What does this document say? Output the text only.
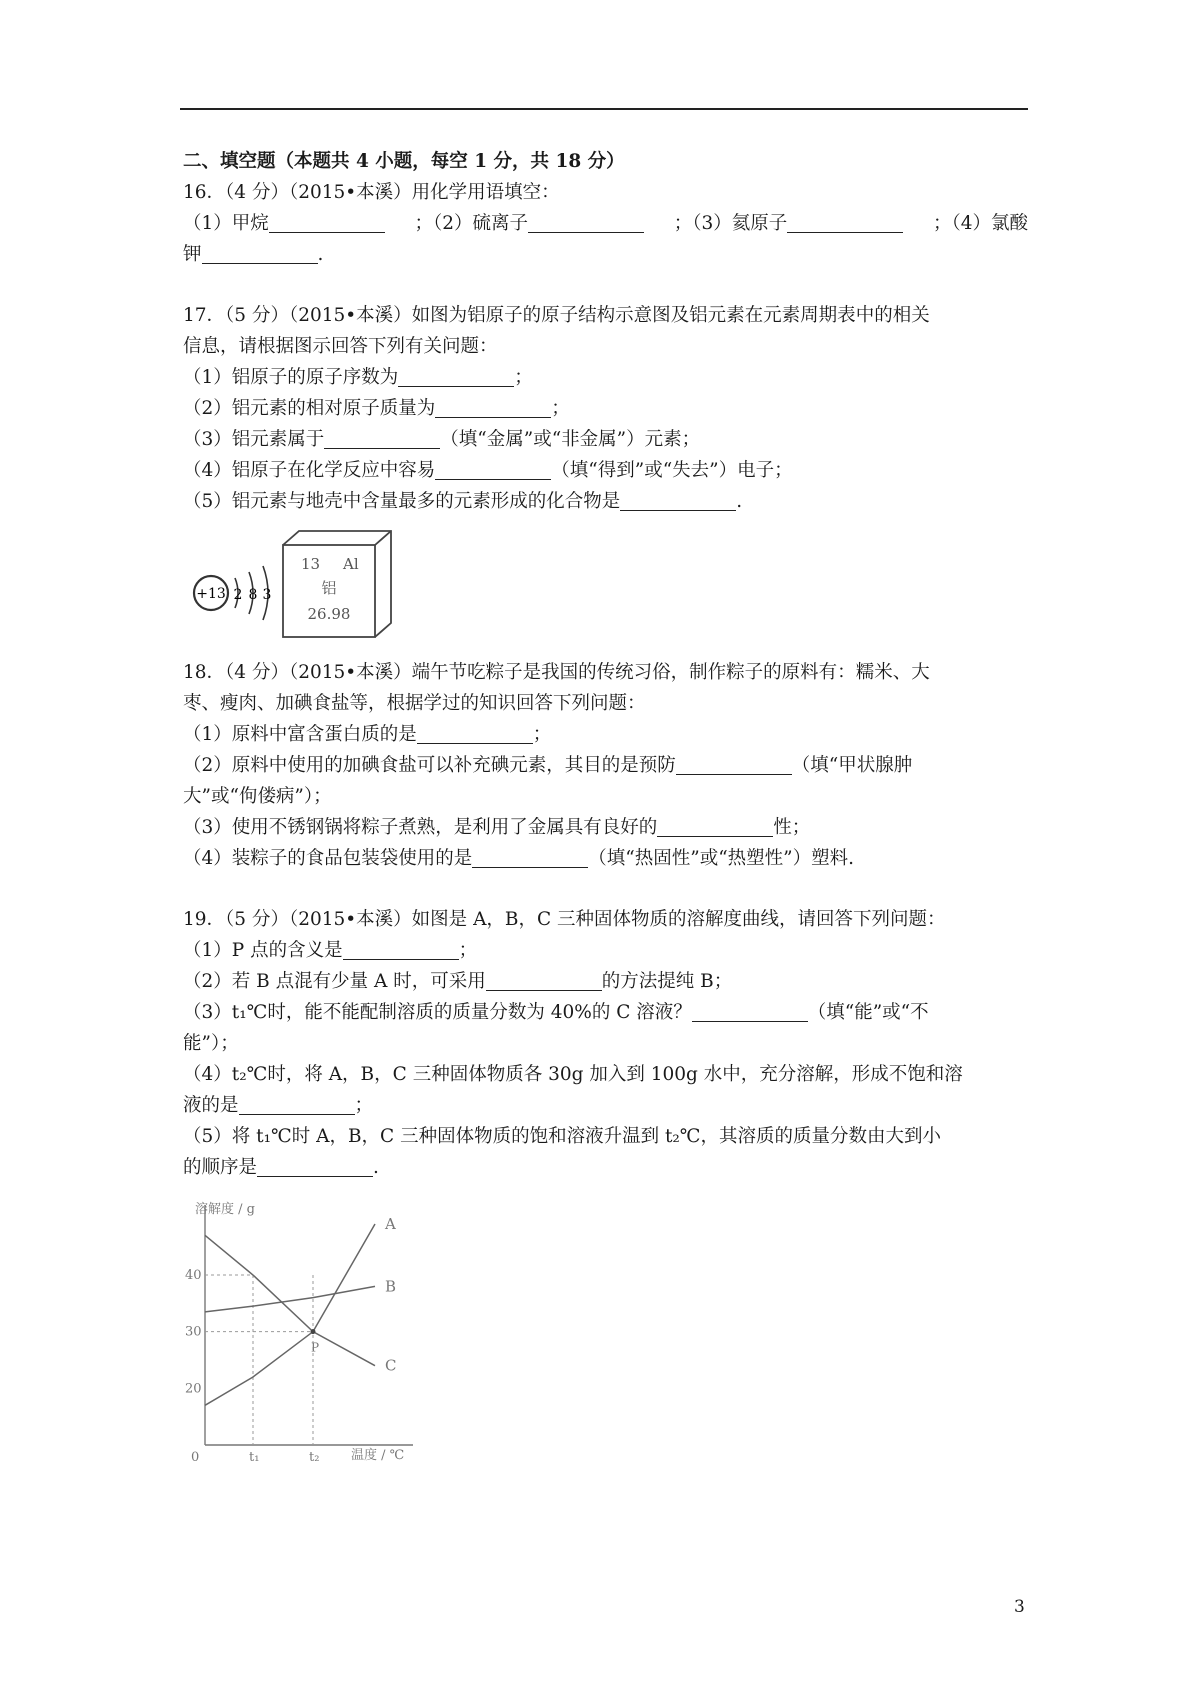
二、填空题（本题共 4 小题，每空 1 分，共 18 分）
16．（4 分）（2015•本溪）用化学用语填空：
（1）甲烷	；（2）硫离子	；（3）氦原子	；（4）氯酸
钾	.
17．（5 分）（2015•本溪）如图为铝原子的原子结构示意图及铝元素在元素周期表中的相关
信息，请根据图示回答下列有关问题：
（1）铝原子的原子序数为	；
（2）铝元素的相对原子质量为	；
（3）铝元素属于	（填“金属”或“非金属”）元素；
（4）铝原子在化学反应中容易	（填“得到”或“失去”）电子；
（5）铝元素与地壳中含量最多的元素形成的化合物是	.
+13 2 8 3
13 Al
铝
26.98
18．（4 分）（2015•本溪）端午节吃粽子是我国的传统习俗，制作粽子的原料有：糯米、大
枣、瘦肉、加碘食盐等，根据学过的知识回答下列问题：
（1）原料中富含蛋白质的是	；
（2）原料中使用的加碘食盐可以补充碘元素，其目的是预防	（填“甲状腺肿
大”或“佝偻病”）；
（3）使用不锈钢锅将粽子煮熟，是利用了金属具有良好的	性；
（4）装粽子的食品包装袋使用的是	（填“热固性”或“热塑性”）塑料.
19．（5 分）（2015•本溪）如图是 A，B，C 三种固体物质的溶解度曲线，请回答下列问题：
（1）P 点的含义是	；
（2）若 B 点混有少量 A 时，可采用	的方法提纯 B；
（3）t₁℃时，能不能配制溶质的质量分数为 40%的 C 溶液？	（填“能”或“不
能”）；
（4）t₂℃时，将 A，B，C 三种固体物质各 30g 加入到 100g 水中，充分溶解，形成不饱和溶
液的是	；
（5）将 t₁℃时 A，B，C 三种固体物质的饱和溶液升温到 t₂℃，其溶质的质量分数由大到小
的顺序是	.
溶解度 / g
温度 / ℃
0
20
30
40
t₁	t₂
A
B
C
P
3
